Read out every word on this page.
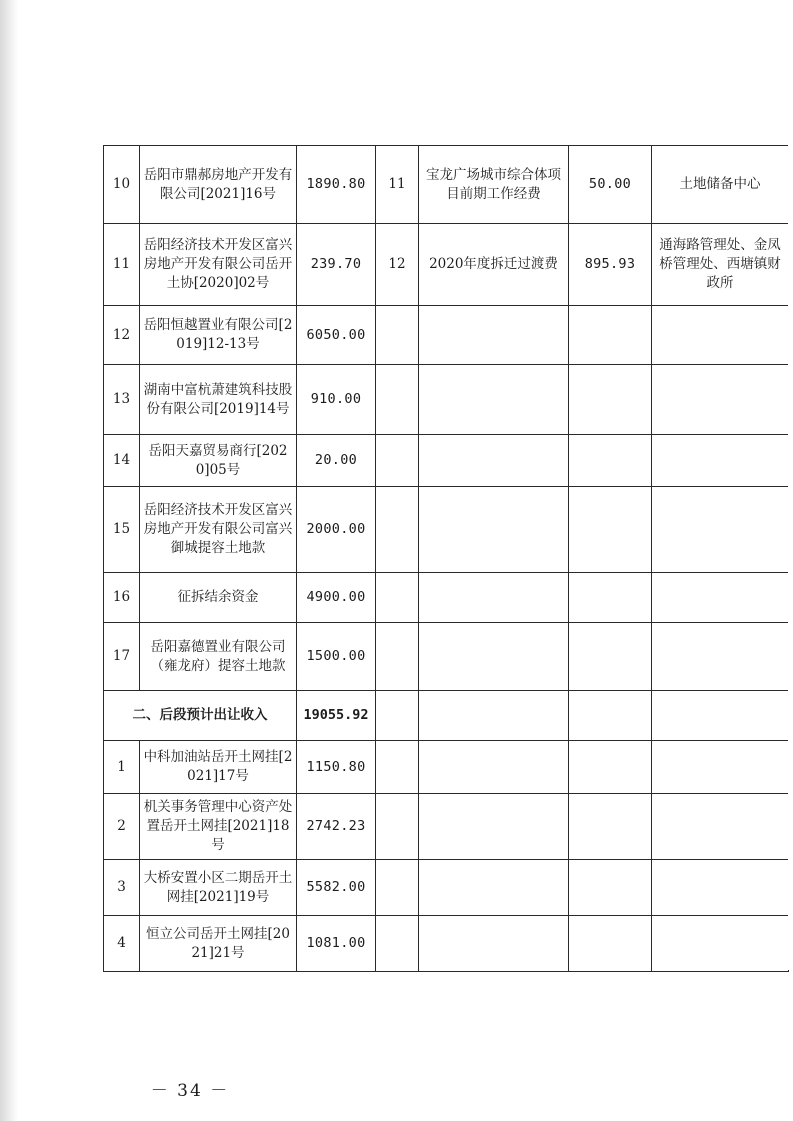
10	岳阳市鼎郝房地产开发有限公司[2021]16号	1890.80	11	宝龙广场城市综合体项目前期工作经费	50.00	土地储备中心
11	岳阳经济技术开发区富兴房地产开发有限公司岳开土协[2020]02号	239.70	12	2020年度拆迁过渡费	895.93	通海路管理处、金凤桥管理处、西塘镇财政所
12	岳阳恒越置业有限公司[2019]12-13号	6050.00				
13	湖南中富杭萧建筑科技股份有限公司[2019]14号	910.00				
14	岳阳天嘉贸易商行[2020]05号	20.00				
15	岳阳经济技术开发区富兴房地产开发有限公司富兴御城提容土地款	2000.00				
16	征拆结余资金	4900.00				
17	岳阳嘉德置业有限公司（雍龙府）提容土地款	1500.00				
二、后段预计出让收入		19055.92				
1	中科加油站岳开土网挂[2021]17号	1150.80				
2	机关事务管理中心资产处置岳开土网挂[2021]18号	2742.23				
3	大桥安置小区二期岳开土网挂[2021]19号	5582.00				
4	恒立公司岳开土网挂[2021]21号	1081.00				
－ 34 －
